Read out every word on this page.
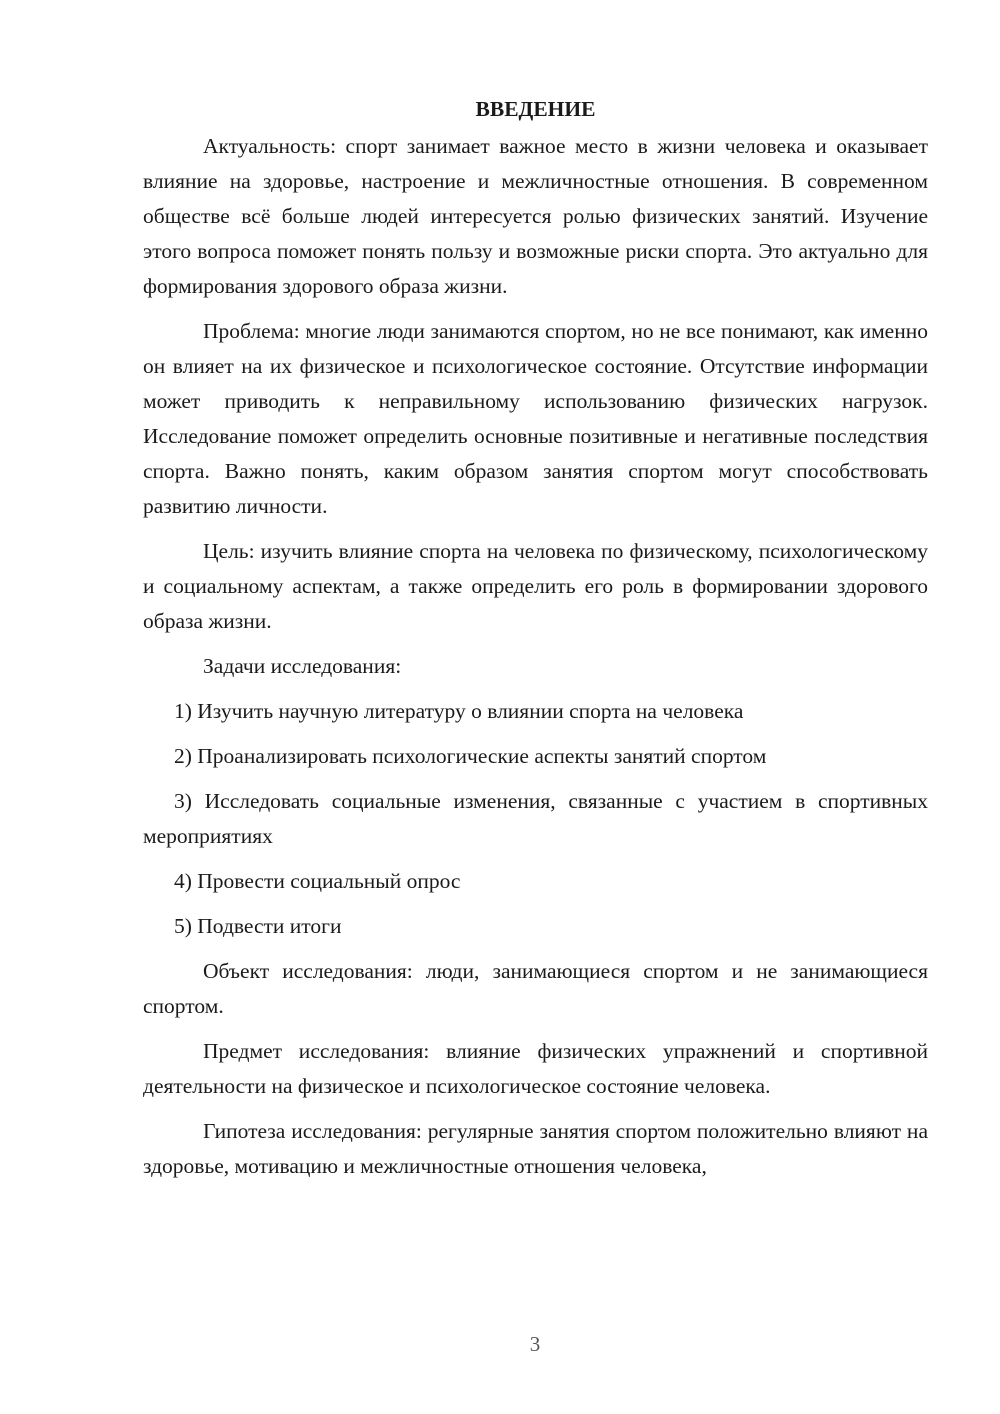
ВВЕДЕНИЕ

Актуальность: спорт занимает важное место в жизни человека и оказывает влияние на здоровье, настроение и межличностные отношения. В современном обществе всё больше людей интересуется ролью физических занятий. Изучение этого вопроса поможет понять пользу и возможные риски спорта. Это актуально для формирования здорового образа жизни.

Проблема: многие люди занимаются спортом, но не все понимают, как именно он влияет на их физическое и психологическое состояние. Отсутствие информации может приводить к неправильному использованию физических нагрузок. Исследование поможет определить основные позитивные и негативные последствия спорта. Важно понять, каким образом занятия спортом могут способствовать развитию личности.

Цель: изучить влияние спорта на человека по физическому, психологическому и социальному аспектам, а также определить его роль в формировании здорового образа жизни.

Задачи исследования:

1) Изучить научную литературу о влиянии спорта на человека

2) Проанализировать психологические аспекты занятий спортом

3) Исследовать социальные изменения, связанные с участием в спортивных мероприятиях

4) Провести социальный опрос

5) Подвести итоги

Объект исследования: люди, занимающиеся спортом и не занимающиеся спортом.

Предмет исследования: влияние физических упражнений и спортивной деятельности на физическое и психологическое состояние человека.

Гипотеза исследования: регулярные занятия спортом положительно влияют на здоровье, мотивацию и межличностные отношения человека,

3
